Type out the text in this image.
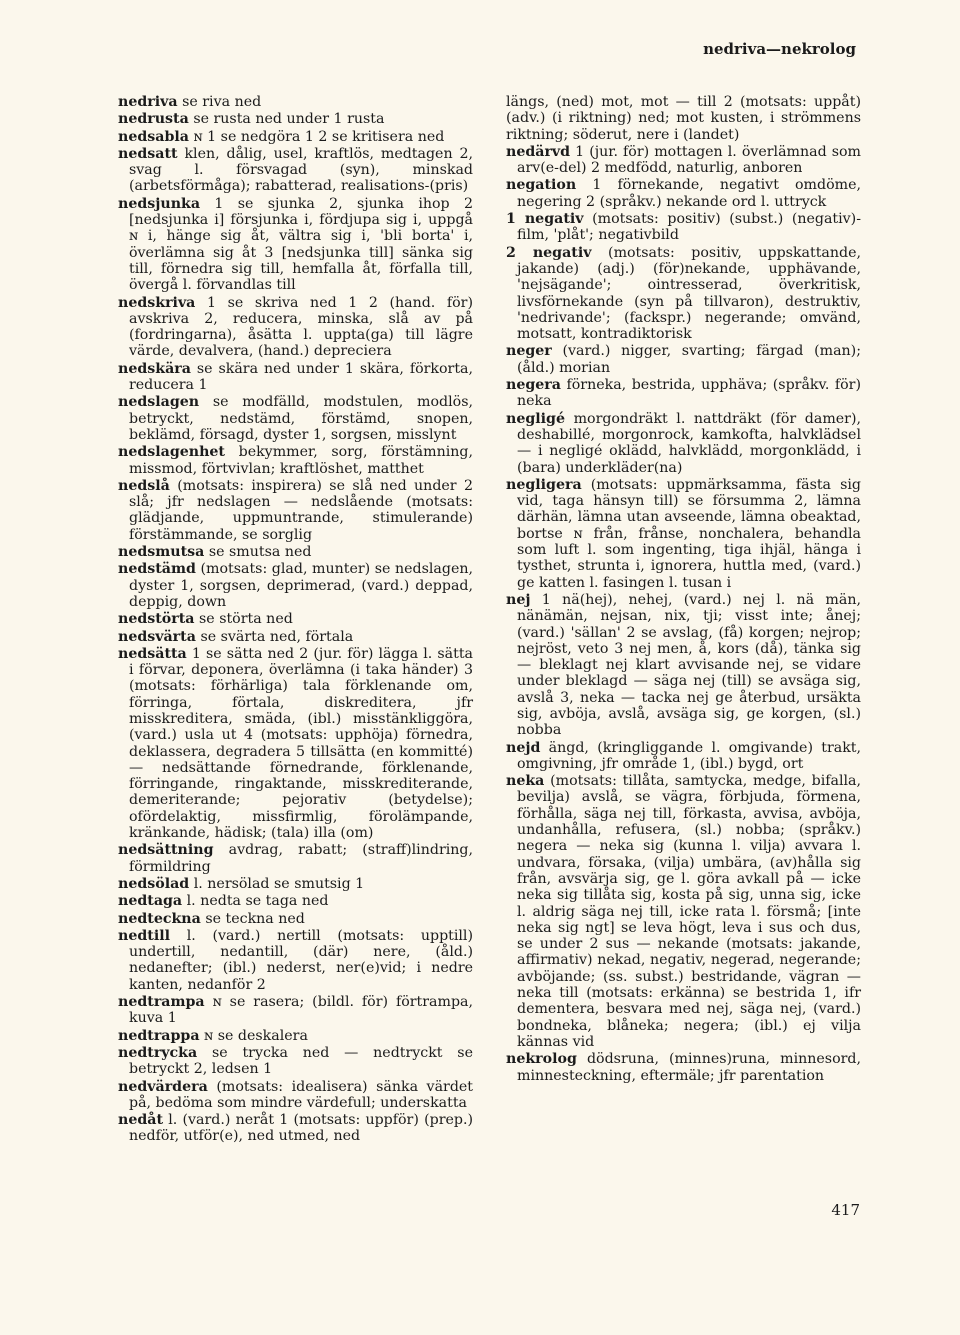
nedriva—nekrolog

nedriva se riva ned

nedrusta se rusta ned under 1 rusta

nedsabla ɴ 1 se nedgöra 1 2 se kritisera ned

nedsatt klen, dålig, usel, kraftlös, medtagen 2, svag l. försvagad (syn), minskad (arbetsförmåga); rabatterad, realisations-(pris)

nedsjunka 1 se sjunka 2, sjunka ihop 2 [nedsjunka i] försjunka i, fördjupa sig i, uppgå ɴ i, hänge sig åt, vältra sig i, 'bli borta' i, överlämna sig åt 3 [nedsjunka till] sänka sig till, förnedra sig till, hemfalla åt, förfalla till, övergå l. förvandlas till

nedskriva 1 se skriva ned 1 2 (hand. för) avskriva 2, reducera, minska, slå av på (fordringarna), åsätta l. uppta(ga) till lägre värde, devalvera, (hand.) depreciera

nedskära se skära ned under 1 skära, förkorta, reducera 1

nedslagen se modfälld, modstulen, modlös, betryckt, nedstämd, förstämd, snopen, beklämd, försagd, dyster 1, sorgsen, misslynt

nedslagenhet bekymmer, sorg, förstämning, missmod, förtvivlan; kraftlöshet, matthet

nedslå (motsats: inspirera) se slå ned under 2 slå; jfr nedslagen — nedslående (motsats: glädjande, uppmuntrande, stimulerande) förstämmande, se sorglig

nedsmutsa se smutsa ned

nedstämd (motsats: glad, munter) se nedslagen, dyster 1, sorgsen, deprimerad, (vard.) deppad, deppig, down

nedstörta se störta ned

nedsvärta se svärta ned, förtala

nedsätta 1 se sätta ned 2 (jur. för) lägga l. sätta i förvar, deponera, överlämna (i taka händer) 3 (motsats: förhärliga) tala förklenande om, förringa, förtala, diskreditera, jfr misskreditera, smäda, (ibl.) misstänkliggöra, (vard.) usla ut 4 (motsats: upphöja) förnedra, deklassera, degradera 5 tillsätta (en kommitté) — nedsättande förnedrande, förklenande, förringande, ringaktande, misskrediterande, demeriterande; pejorativ (betydelse); ofördelaktig, missfirmlig, förolämpande, kränkande, hädisk; (tala) illa (om)

nedsättning avdrag, rabatt; (straff)lindring, förmildring

nedsölad l. nersölad se smutsig 1

nedtaga l. nedta se taga ned

nedteckna se teckna ned

nedtill l. (vard.) nertill (motsats: upptill) undertill, nedantill, (där) nere, (åld.) nedanefter; (ibl.) nederst, ner(e)vid; i nedre kanten, nedanför 2

nedtrampa ɴ se rasera; (bildl. för) förtrampa, kuva 1

nedtrappa ɴ se deskalera

nedtrycka se trycka ned — nedtryckt se betryckt 2, ledsen 1

nedvärdera (motsats: idealisera) sänka värdet på, bedöma som mindre värdefull; underskatta

nedåt l. (vard.) neråt 1 (motsats: uppför) (prep.) nedför, utför(e), ned utmed, ned

längs, (ned) mot, mot — till 2 (motsats: uppåt) (adv.) (i riktning) ned; mot kusten, i strömmens riktning; söderut, nere i (landet)

nedärvd 1 (jur. för) mottagen l. överlämnad som arv(e-del) 2 medfödd, naturlig, anboren

negation 1 förnekande, negativt omdöme, negering 2 (språkv.) nekande ord l. uttryck

1 negativ (motsats: positiv) (subst.) (negativ)-film, 'plåt'; negativbild

2 negativ (motsats: positiv, uppskattande, jakande) (adj.) (för)nekande, upphävande, 'nejsägande'; ointresserad, överkritisk, livsförnekande (syn på tillvaron), destruktiv, 'nedrivande'; (fackspr.) negerande; omvänd, motsatt, kontradiktorisk

neger (vard.) nigger, svarting; färgad (man); (åld.) morian

negera förneka, bestrida, upphäva; (språkv. för) neka

negligé morgondräkt l. nattdräkt (för damer), deshabillé, morgonrock, kamkofta, halvklädsel — i negligé oklädd, halvklädd, morgonklädd, i (bara) underkläder(na)

negligera (motsats: uppmärksamma, fästa sig vid, taga hänsyn till) se försumma 2, lämna därhän, lämna utan avseende, lämna obeaktad, bortse ɴ från, frånse, nonchalera, behandla som luft l. som ingenting, tiga ihjäl, hänga i tysthet, strunta i, ignorera, huttla med, (vard.) ge katten l. fasingen l. tusan i

nej 1 nä(hej), nehej, (vard.) nej l. nä män, nänämän, nejsan, nix, tji; visst inte; ånej; (vard.) 'sällan' 2 se avslag, (få) korgen; nejrop; nejröst, veto 3 nej men, å, kors (då), tänka sig — bleklagt nej klart avvisande nej, se vidare under bleklagd — säga nej (till) se avsäga sig, avslå 3, neka — tacka nej ge återbud, ursäkta sig, avböja, avslå, avsäga sig, ge korgen, (sl.) nobba

nejd ängd, (kringliggande l. omgivande) trakt, omgivning, jfr område 1, (ibl.) bygd, ort

neka (motsats: tillåta, samtycka, medge, bifalla, bevilja) avslå, se vägra, förbjuda, förmena, förhålla, säga nej till, förkasta, avvisa, avböja, undanhålla, refusera, (sl.) nobba; (språkv.) negera — neka sig (kunna l. vilja) avvara l. undvara, försaka, (vilja) umbära, (av)hålla sig från, avsvärja sig, ge l. göra avkall på — icke neka sig tillåta sig, kosta på sig, unna sig, icke l. aldrig säga nej till, icke rata l. försmå; [inte neka sig ngt] se leva högt, leva i sus och dus, se under 2 sus — nekande (motsats: jakande, affirmativ) nekad, negativ, negerad, negerande; avböjande; (ss. subst.) bestridande, vägran — neka till (motsats: erkänna) se bestrida 1, ifr dementera, besvara med nej, säga nej, (vard.) bondneka, blåneka; negera; (ibl.) ej vilja kännas vid

nekrolog dödsruna, (minnes)runa, minnesord, minnesteckning, eftermäle; jfr parentation

417
